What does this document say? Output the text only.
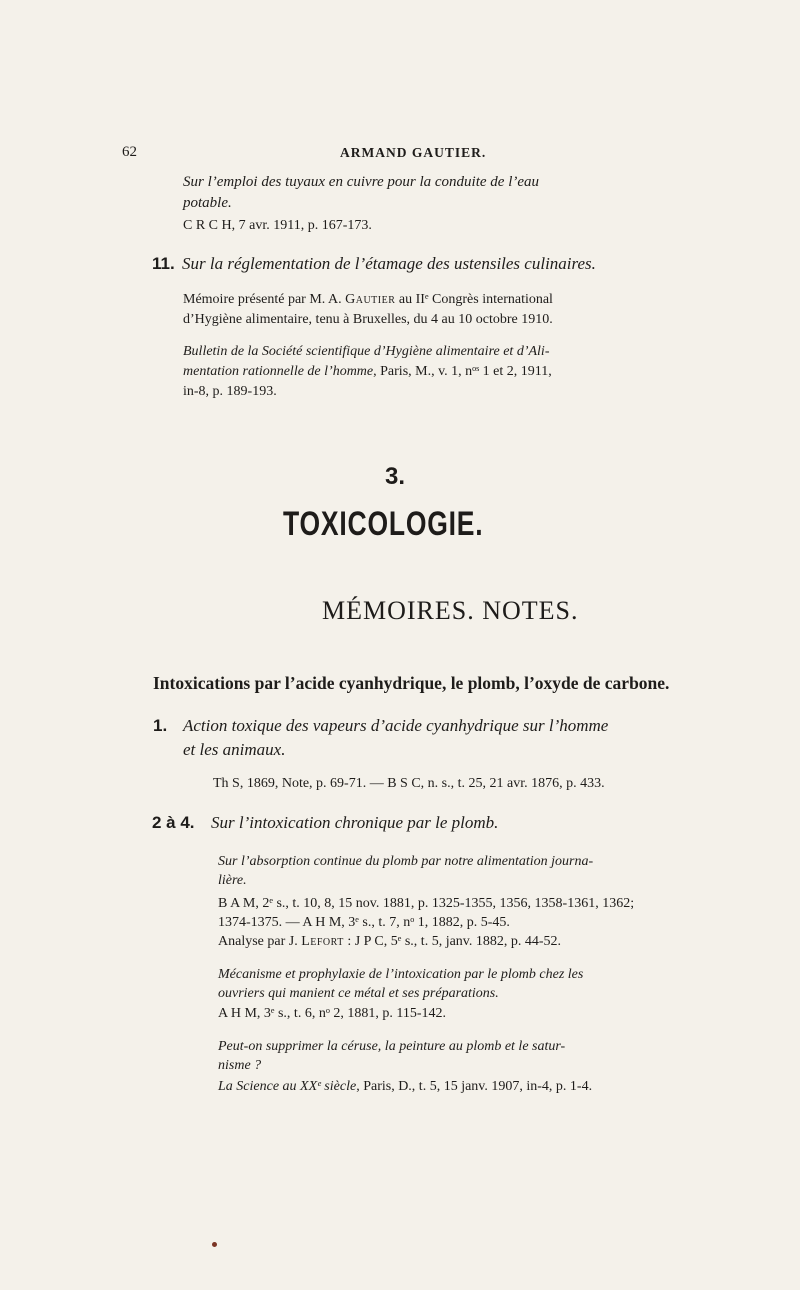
62	ARMAND GAUTIER.
Sur l’emploi des tuyaux en cuivre pour la conduite de l’eau
potable.
C R C H, 7 avr. 1911, p. 167-173.
11. Sur la réglementation de l’étamage des ustensiles culinaires.
Mémoire présenté par M. A. Gautier au IIᵉ Congrès international
d’Hygiène alimentaire, tenu à Bruxelles, du 4 au 10 octobre 1910.
Bulletin de la Société scientifique d’Hygiène alimentaire et d’Ali-
mentation rationnelle de l’homme, Paris, M., v. 1, nᵒˢ 1 et 2, 1911,
in-8, p. 189-193.
3.
TOXICOLOGIE.
MÉMOIRES. NOTES.
Intoxications par l’acide cyanhydrique, le plomb, l’oxyde de carbone.
1. Action toxique des vapeurs d’acide cyanhydrique sur l’homme
et les animaux.
Th S, 1869, Note, p. 69-71. — B S C, n. s., t. 25, 21 avr. 1876, p. 433.
2 à 4. Sur l’intoxication chronique par le plomb.
Sur l’absorption continue du plomb par notre alimentation journa-
lière.
B A M, 2ᵉ s., t. 10, 8, 15 nov. 1881, p. 1325-1355, 1356, 1358-1361, 1362;
1374-1375. — A H M, 3ᵉ s., t. 7, nᵒ 1, 1882, p. 5-45.
Analyse par J. Lefort : J P C, 5ᵉ s., t. 5, janv. 1882, p. 44-52.
Mécanisme et prophylaxie de l’intoxication par le plomb chez les
ouvriers qui manient ce métal et ses préparations.
A H M, 3ᵉ s., t. 6, nᵒ 2, 1881, p. 115-142.
Peut-on supprimer la céruse, la peinture au plomb et le satur-
nisme ?
La Science au XXᵉ siècle, Paris, D., t. 5, 15 janv. 1907, in-4, p. 1-4.
